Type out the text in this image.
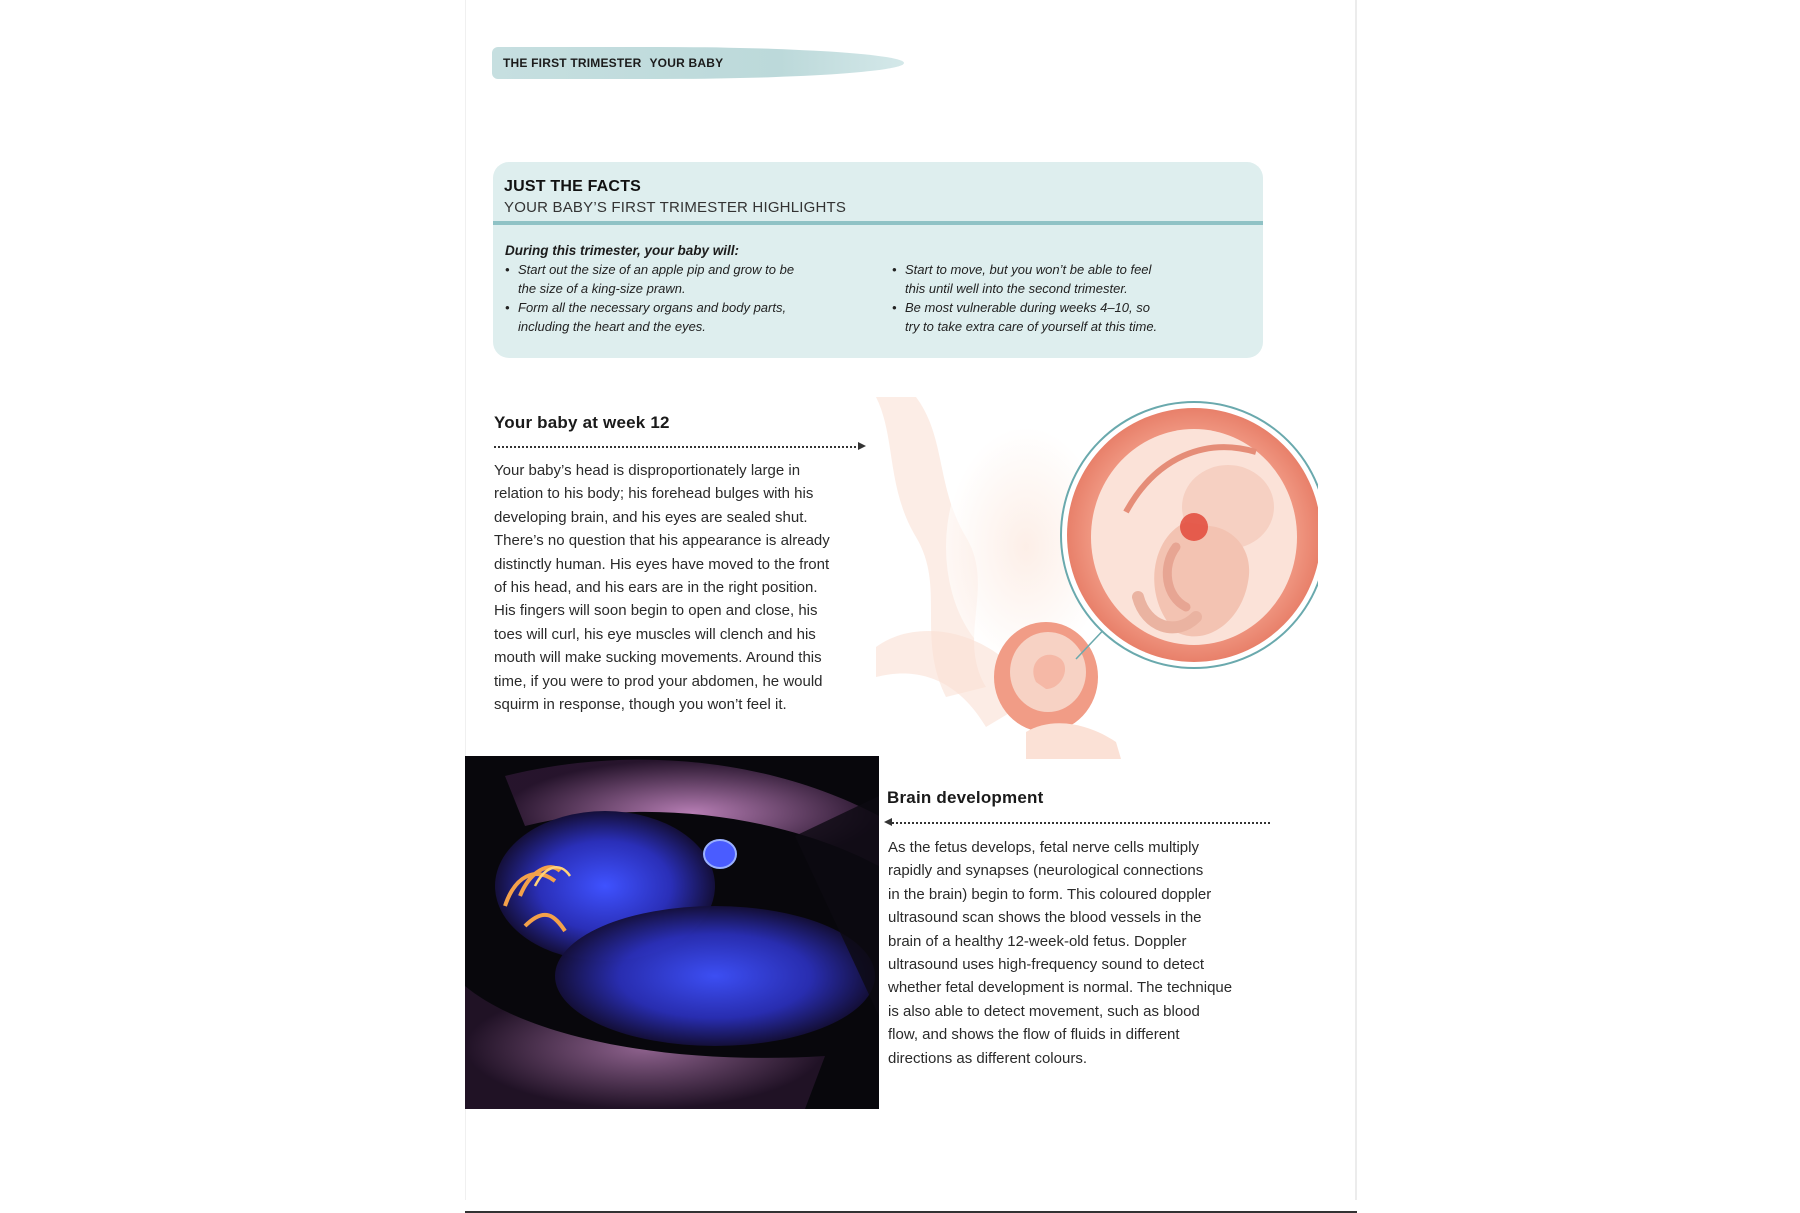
THE FIRST TRIMESTER YOUR BABY
JUST THE FACTS
YOUR BABY’S FIRST TRIMESTER HIGHLIGHTS
During this trimester, your baby will:
• Start out the size of an apple pip and grow to be
the size of a king-size prawn.
• Form all the necessary organs and body parts,
including the heart and the eyes.
• Start to move, but you won’t be able to feel
this until well into the second trimester.
• Be most vulnerable during weeks 4–10, so
try to take extra care of yourself at this time.
Your baby at week 12
Your baby’s head is disproportionately large in
relation to his body; his forehead bulges with his
developing brain, and his eyes are sealed shut.
There’s no question that his appearance is already
distinctly human. His eyes have moved to the front
of his head, and his ears are in the right position.
His fingers will soon begin to open and close, his
toes will curl, his eye muscles will clench and his
mouth will make sucking movements. Around this
time, if you were to prod your abdomen, he would
squirm in response, though you won’t feel it.
Brain development
As the fetus develops, fetal nerve cells multiply
rapidly and synapses (neurological connections
in the brain) begin to form. This coloured doppler
ultrasound scan shows the blood vessels in the
brain of a healthy 12-week-old fetus. Doppler
ultrasound uses high-frequency sound to detect
whether fetal development is normal. The technique
is also able to detect movement, such as blood
flow, and shows the flow of fluids in different
directions as different colours.
